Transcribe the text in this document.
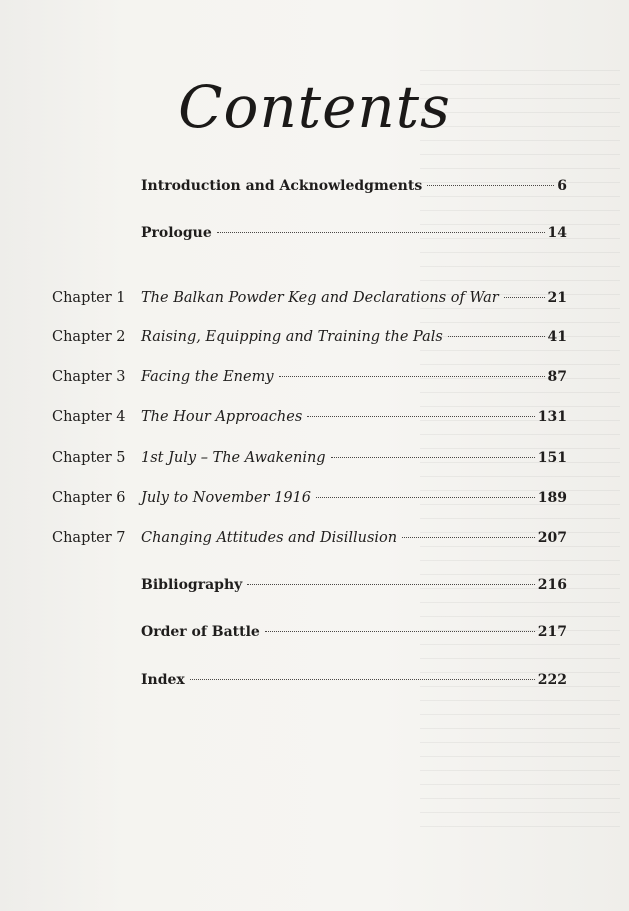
Contents
Introduction and Acknowledgments	6
Prologue	14
Chapter 1	The Balkan Powder Keg and Declarations of War	21
Chapter 2	Raising, Equipping and Training the Pals	41
Chapter 3	Facing the Enemy	87
Chapter 4	The Hour Approaches	131
Chapter 5	1st July – The Awakening	151
Chapter 6	July to November 1916	189
Chapter 7	Changing Attitudes and Disillusion	207
Bibliography	216
Order of Battle	217
Index	222
